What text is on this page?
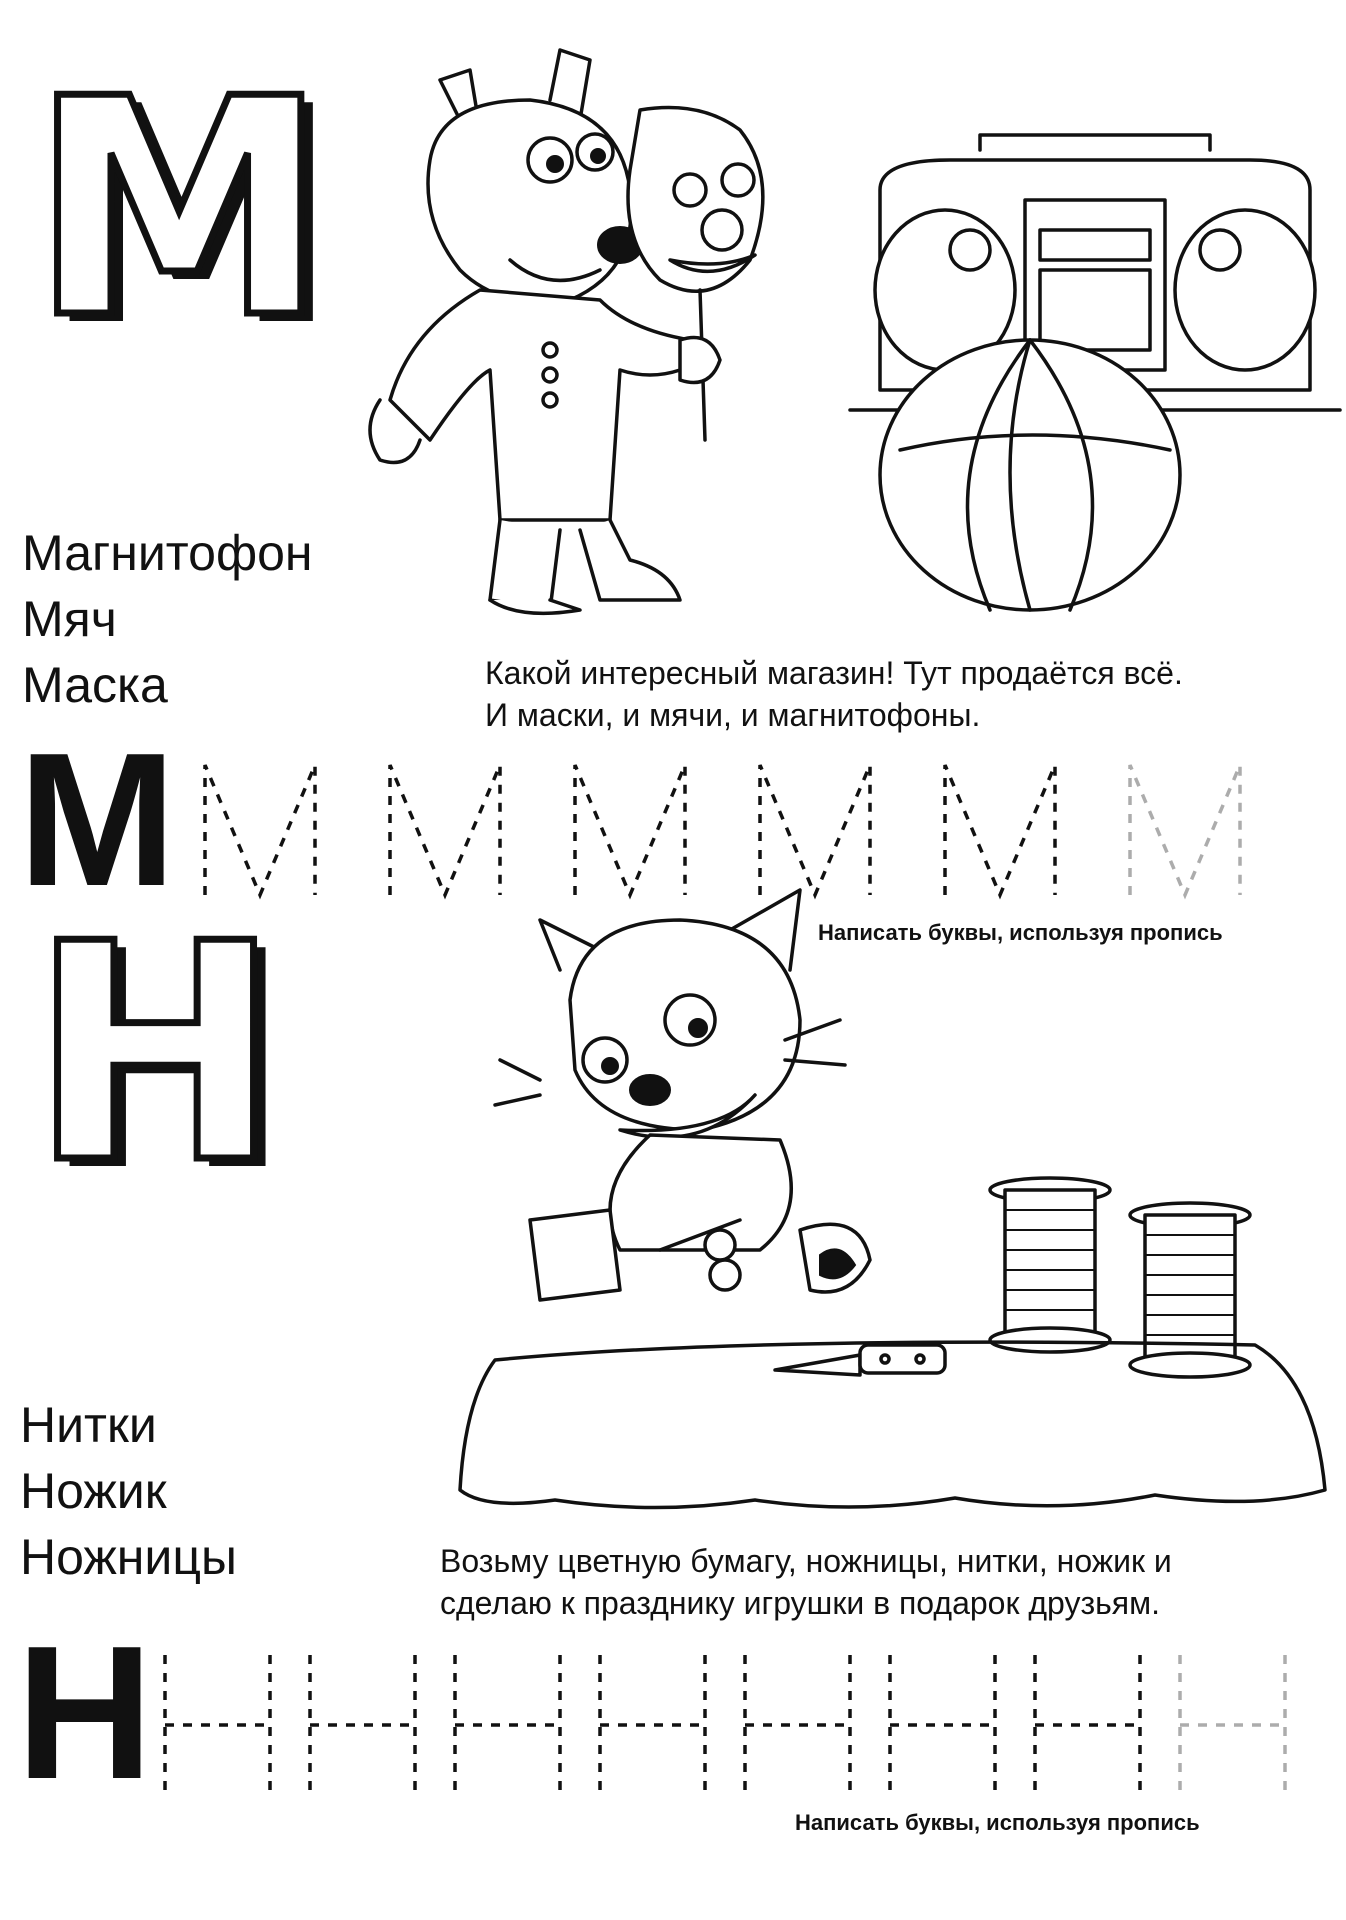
М
Магнитофон
Мяч
Маска	Какой интересный магазин! Тут продаётся всё.
И маски, и мячи, и магнитофоны.
М
Написать буквы, используя пропись
Н
Нитки
Ножик
Ножницы	Возьму цветную бумагу, ножницы, нитки, ножик и
сделаю к празднику игрушки в подарок друзьям.
Н
Написать буквы, используя пропись
